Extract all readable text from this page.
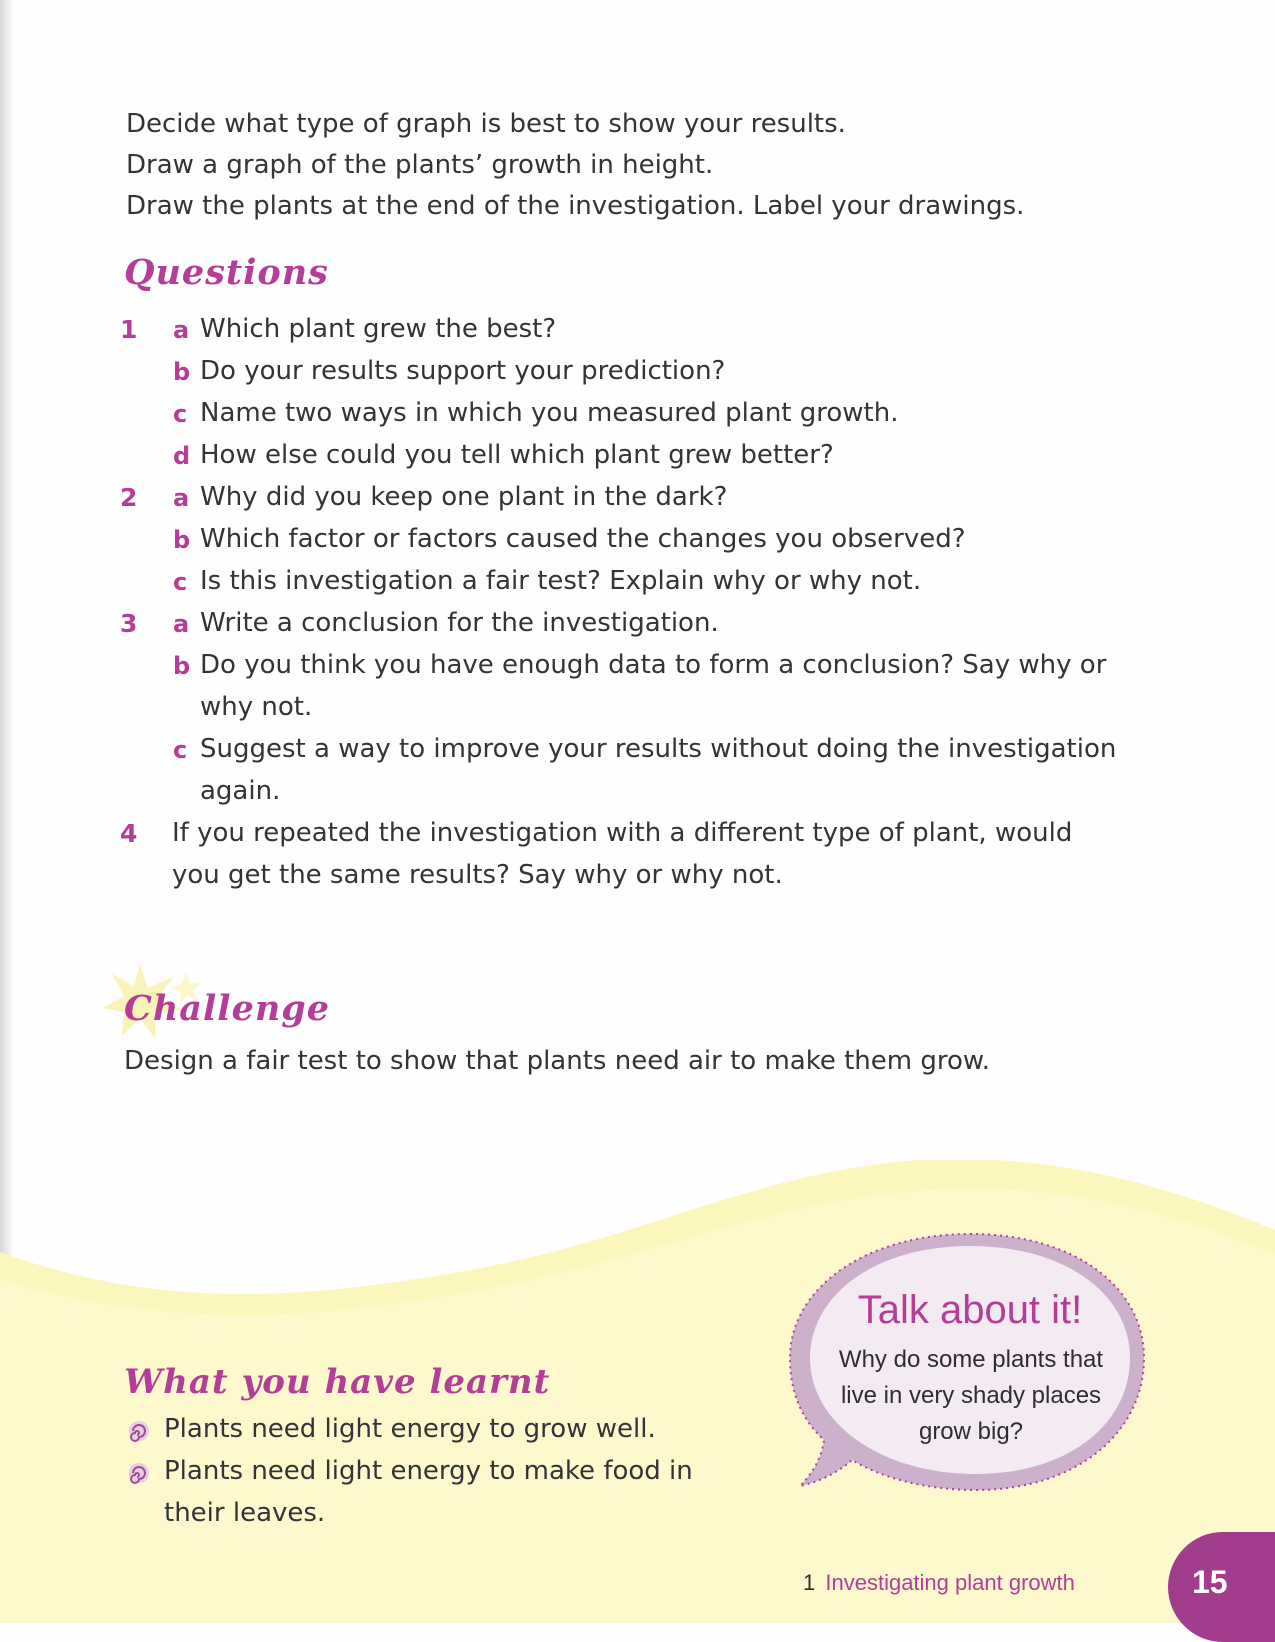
Decide what type of graph is best to show your results.

Draw a graph of the plants’ growth in height.

Draw the plants at the end of the investigation. Label your drawings.

Questions
1	a Which plant grew the best?
b Do your results support your prediction?
c Name two ways in which you measured plant growth.
d How else could you tell which plant grew better?
2	a Why did you keep one plant in the dark?
b Which factor or factors caused the changes you observed?
c Is this investigation a fair test? Explain why or why not.
3	a Write a conclusion for the investigation.
b Do you think you have enough data to form a conclusion? Say why or why not.
c Suggest a way to improve your results without doing the investigation again.
4	If you repeated the investigation with a different type of plant, would you get the same results? Say why or why not.
Challenge

Design a fair test to show that plants need air to make them grow.

What you have learnt
Plants need light energy to grow well.
Plants need light energy to make food in their leaves.
Talk about it!
Why do some plants that live in very shady places grow big?
1 Investigating plant growth	15
